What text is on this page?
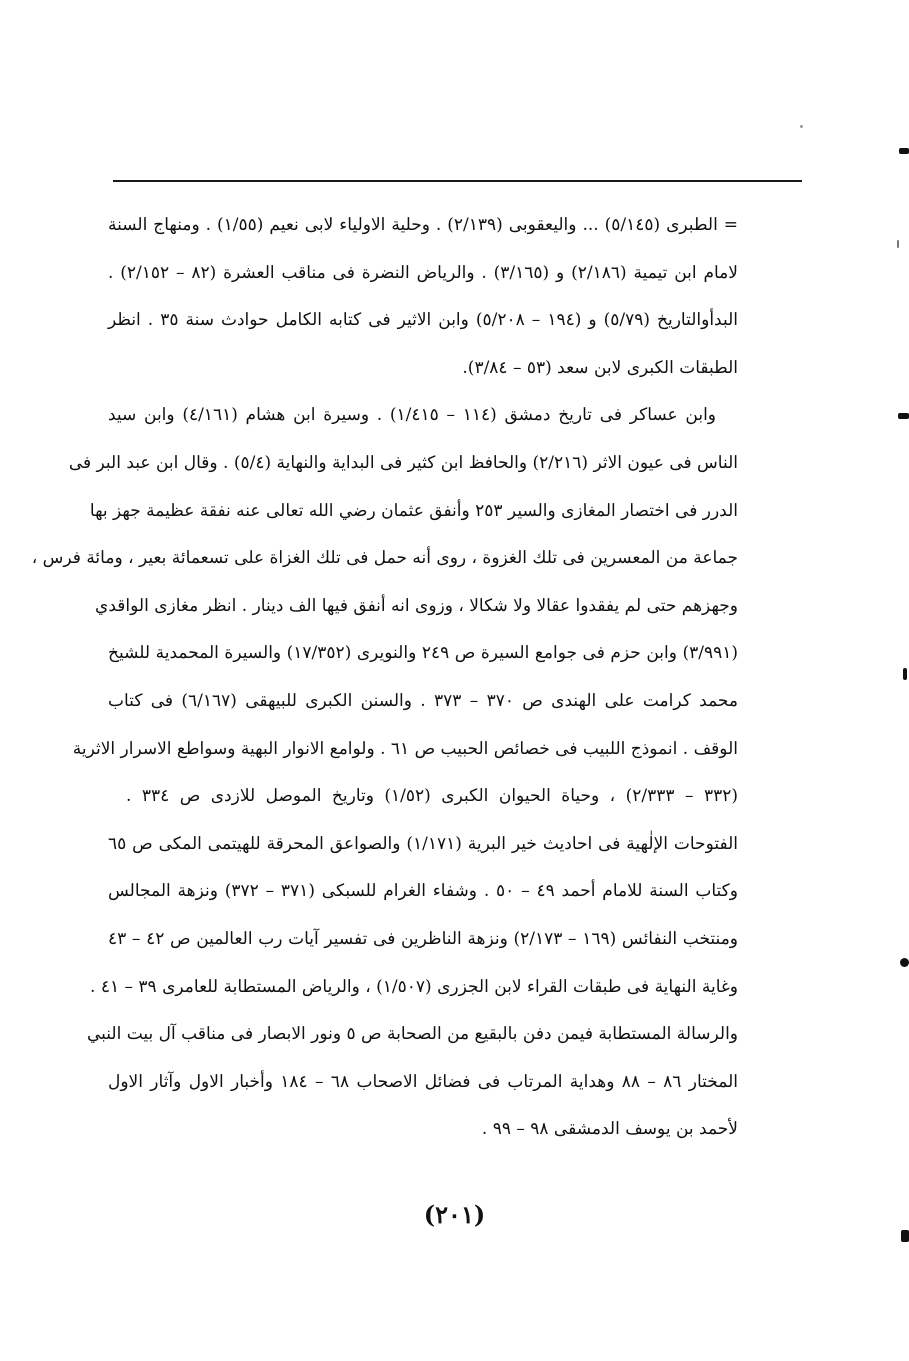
= الطبرى (٥/١٤٥) ... واليعقوبى (٢/١٣٩) . وحلية الاولياء لابى نعيم (١/٥٥) . ومنهاج السنة
لامام ابن تيمية (٢/١٨٦) و (٣/١٦٥) . والرياض النضرة فى مناقب العشرة (٨٢ – ٢/١٥٢) .
البدأوالتاريخ (٥/٧٩) و (١٩٤ – ٥/٢٠٨) وابن الاثير فى كتابه الكامل حوادث سنة ٣٥ . انظر
الطبقات الكبرى لابن سعد (٥٣ – ٣/٨٤).
وابن عساكر فى تاريخ دمشق (١١٤ – ١/٤١٥) . وسيرة ابن هشام (٤/١٦١) وابن سيد
الناس فى عيون الاثر (٢/٢١٦) والحافظ ابن كثير فى البداية والنهاية (٥/٤) . وقال ابن عبد البر فى
الدرر فى اختصار المغازى والسير ٢٥٣ وأنفق عثمان رضي الله تعالى عنه نفقة عظيمة جهز بها
جماعة من المعسرين فى تلك الغزوة ، روى أنه حمل فى تلك الغزاة على تسعمائة بعير ، ومائة فرس ،
وجهزهم حتى لم يفقدوا عقالا ولا شكالا ، وزوى انه أنفق فيها الف دينار . انظر مغازى الواقدي
(٣/٩٩١) وابن حزم فى جوامع السيرة ص ٢٤٩ والنويرى (١٧/٣٥٢) والسيرة المحمدية للشيخ
محمد كرامت على الهندى ص ٣٧٠ – ٣٧٣ . والسنن الكبرى للبيهقى (٦/١٦٧) فى كتاب
الوقف . انموذج اللبيب فى خصائص الحبيب ص ٦١ . ولوامع الانوار البهية وسواطع الاسرار الاثرية
(٣٣٢ – ٢/٣٣٣) ، وحياة الحيوان الكبرى (١/٥٢) وتاريخ الموصل للازدى ص ٣٣٤ .
الفتوحات الإلٰهية فى احاديث خير البرية (١/١٧١) والصواعق المحرقة للهيتمى المكى ص ٦٥
وكتاب السنة للامام أحمد ٤٩ – ٥٠ . وشفاء الغرام للسبكى (٣٧١ – ٣٧٢) ونزهة المجالس
ومنتخب النفائس (١٦٩ – ٢/١٧٣) ونزهة الناظرين فى تفسير آيات رب العالمين ص ٤٢ – ٤٣
وغاية النهاية فى طبقات القراء لابن الجزرى (١/٥٠٧) ، والرياض المستطابة للعامرى ٣٩ – ٤١ .
والرسالة المستطابة فيمن دفن بالبقيع من الصحابة ص ٥ ونور الابصار فى مناقب آل بيت النبي
المختار ٨٦ – ٨٨ وهداية المرتاب فى فضائل الاصحاب ٦٨ – ١٨٤ وأخبار الاول وآثار الاول
لأحمد بن يوسف الدمشقى ٩٨ – ٩٩ .
(٢٠١)
